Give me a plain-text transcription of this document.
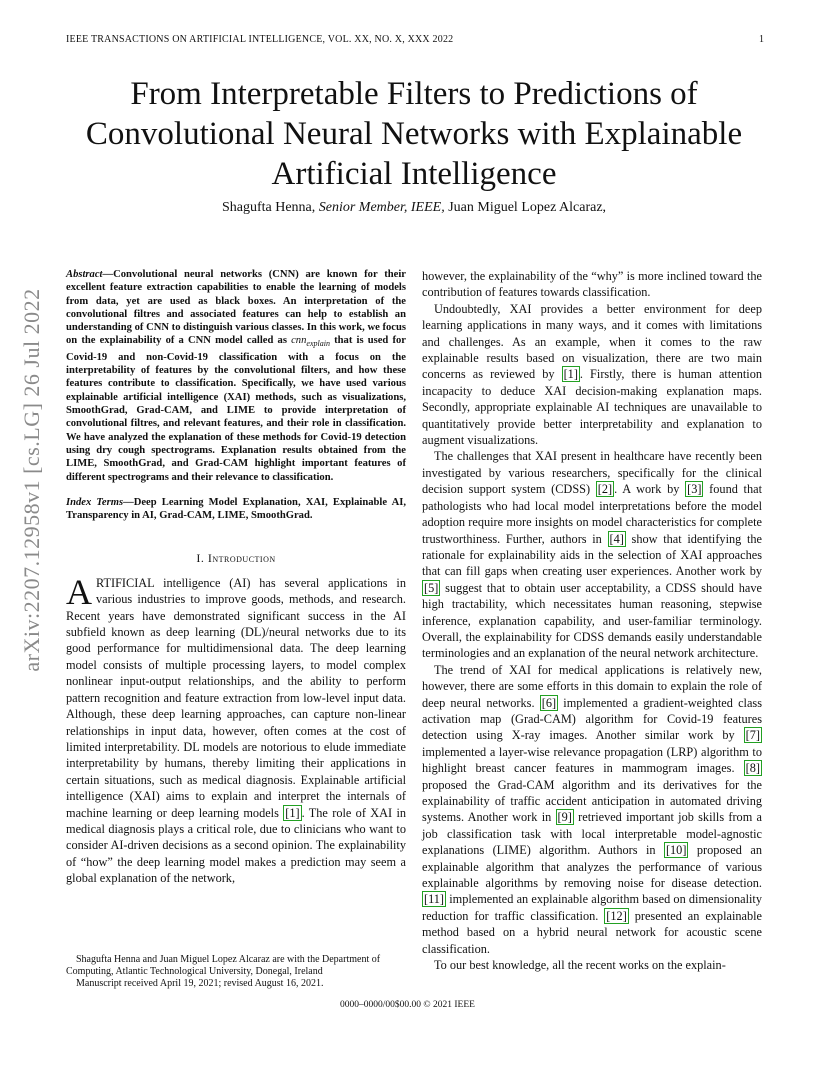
IEEE TRANSACTIONS ON ARTIFICIAL INTELLIGENCE, VOL. XX, NO. X, XXX 2022	1
arXiv:2207.12958v1 [cs.LG] 26 Jul 2022
From Interpretable Filters to Predictions of
Convolutional Neural Networks with Explainable
Artificial Intelligence
Shagufta Henna, Senior Member, IEEE, Juan Miguel Lopez Alcaraz,
Abstract—Convolutional neural networks (CNN) are known for their excellent feature extraction capabilities to enable the learning of models from data, yet are used as black boxes. An interpretation of the convolutional filtres and associated features can help to establish an understanding of CNN to distinguish various classes. In this work, we focus on the explainability of a CNN model called as cnn$_{explain}$ that is used for Covid-19 and non-Covid-19 classification with a focus on the interpretability of features by the convolutional filters, and how these features contribute to classification. Specifically, we have used various explainable artificial intelligence (XAI) methods, such as visualizations, SmoothGrad, Grad-CAM, and LIME to provide interpretation of convolutional filtres, and relevant features, and their role in classification. We have analyzed the explanation of these methods for Covid-19 detection using dry cough spectrograms. Explanation results obtained from the LIME, SmoothGrad, and Grad-CAM highlight important features of different spectrograms and their relevance to classification.
Index Terms—Deep Learning Model Explanation, XAI, Explainable AI, Transparency in AI, Grad-CAM, LIME, SmoothGrad.
I. Introduction

ARTIFICIAL intelligence (AI) has several applications in various industries to improve goods, methods, and research. Recent years have demonstrated significant success in the AI subfield known as deep learning (DL)/neural networks due to its good performance for multidimensional data. The deep learning model consists of multiple processing layers, to model complex nonlinear input-output relationships, and the ability to perform pattern recognition and feature extraction from low-level input data. Although, these deep learning approaches, can capture non-linear relationships in input data, however, often comes at the cost of limited interpretability. DL models are notorious to elude immediate interpretability by humans, thereby limiting their applications in certain situations, such as medical diagnosis. Explainable artificial intelligence (XAI) aims to explain and interpret the internals of machine learning or deep learning models [1] . The role of XAI in medical diagnosis plays a critical role, due to clinicians who want to consider AI-driven decisions as a second opinion. The explainability of “how” the deep learning model makes a prediction may seem a global explanation of the network,

Shagufta Henna and Juan Miguel Lopez Alcaraz are with the Department of Computing, Atlantic Technological University, Donegal, Ireland

Manuscript received April 19, 2021; revised August 16, 2021.

0000–0000/00$00.00 © 2021 IEEE

however, the explainability of the “why” is more inclined toward the contribution of features towards classification.

Undoubtedly, XAI provides a better environment for deep learning applications in many ways, and it comes with limitations and challenges. As an example, when it comes to the raw explainable results based on visualization, there are two main concerns as reviewed by [1] . Firstly, there is human attention incapacity to deduce XAI decision-making explanation maps. Secondly, appropriate explainable AI techniques are unavailable to quantitatively provide better interpretability and explanation to augment visualizations.

The challenges that XAI present in healthcare have recently been investigated by various researchers, specifically for the clinical decision support system (CDSS) [2] . A work by [3] found that pathologists who had local model interpretations before the model adoption require more insights on model characteristics for complete trustworthiness. Further, authors in [4] show that identifying the rationale for explainability aids in the selection of XAI approaches that can fill gaps when creating user experiences. Another work by [5] suggest that to obtain user acceptability, a CDSS should have high tractability, which necessitates human reasoning, stepwise inference, explanation capability, and user-familiar terminology. Overall, the explainability for CDSS demands easily understandable terminologies and an explanation of the neural network architecture.

The trend of XAI for medical applications is relatively new, however, there are some efforts in this domain to explain the role of deep neural networks. [6] implemented a gradient-weighted class activation map (Grad-CAM) algorithm for Covid-19 features detection using X-ray images. Another similar work by [7] implemented a layer-wise relevance propagation (LRP) algorithm to highlight breast cancer features in mammogram images. [8] proposed the Grad-CAM algorithm and its derivatives for the explainability of traffic accident anticipation in automated driving systems. Another work in [9] retrieved important job skills from a job classification task with local interpretable model-agnostic explanations (LIME) algorithm. Authors in [10] proposed an explainable algorithm that analyzes the performance of various explainable algorithms by removing noise for disease detection. [11] implemented an explainable algorithm based on dimensionality reduction for traffic classification. [12] presented an explainable method based on a hybrid neural network for acoustic scene classification.

To our best knowledge, all the recent works on the explain-
